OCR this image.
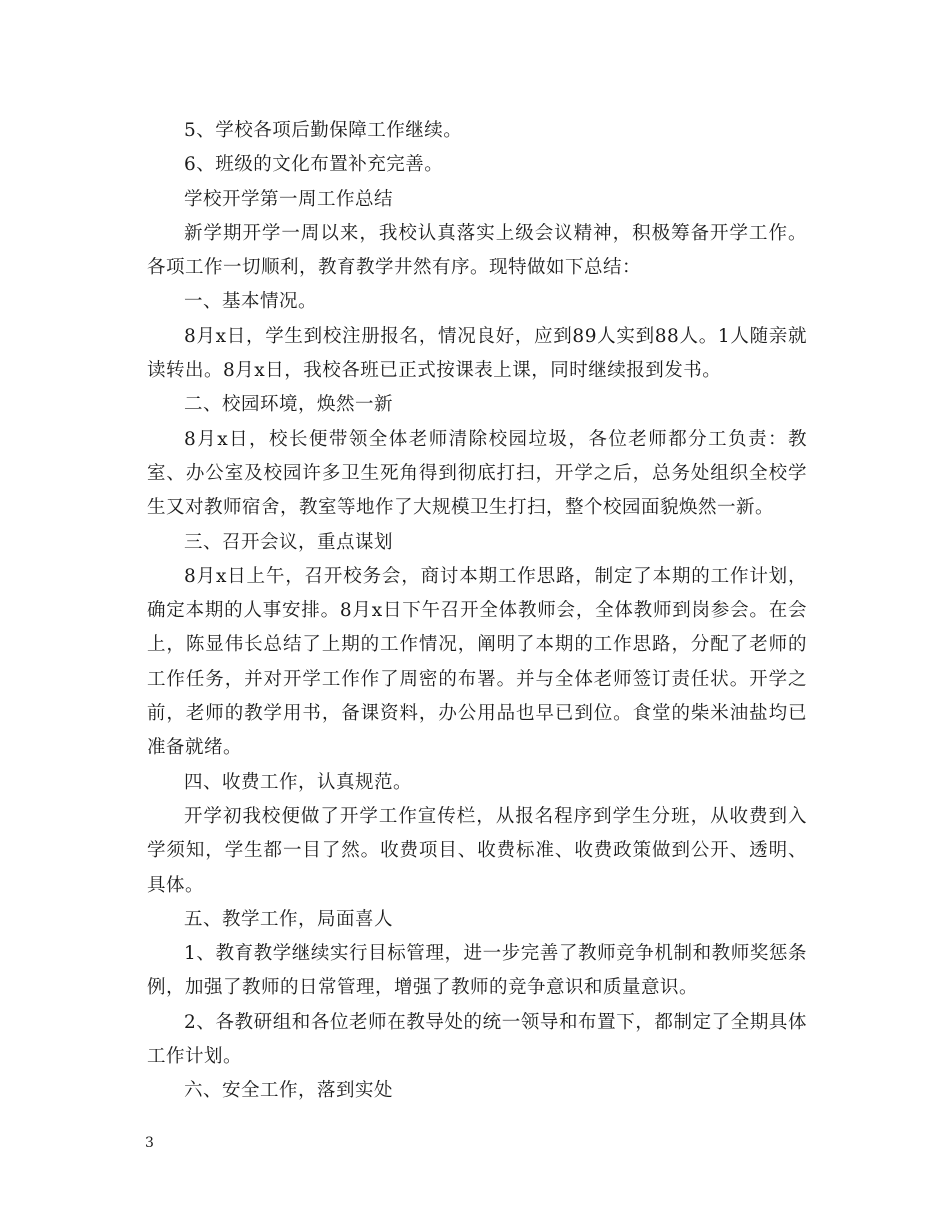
5、学校各项后勤保障工作继续。

6、班级的文化布置补充完善。

学校开学第一周工作总结

新学期开学一周以来，我校认真落实上级会议精神，积极筹备开学工作。各项工作一切顺利，教育教学井然有序。现特做如下总结：

一、基本情况。

8月x日，学生到校注册报名，情况良好，应到89人实到88人。1人随亲就读转出。8月x日，我校各班已正式按课表上课，同时继续报到发书。

二、校园环境，焕然一新

8月x日，校长便带领全体老师清除校园垃圾，各位老师都分工负责：教室、办公室及校园许多卫生死角得到彻底打扫，开学之后，总务处组织全校学生又对教师宿舍，教室等地作了大规模卫生打扫，整个校园面貌焕然一新。

三、召开会议，重点谋划

8月x日上午，召开校务会，商讨本期工作思路，制定了本期的工作计划，确定本期的人事安排。8月x日下午召开全体教师会，全体教师到岗参会。在会上，陈显伟长总结了上期的工作情况，阐明了本期的工作思路，分配了老师的工作任务，并对开学工作作了周密的布署。并与全体老师签订责任状。开学之前，老师的教学用书，备课资料，办公用品也早已到位。食堂的柴米油盐均已准备就绪。

四、收费工作，认真规范。

开学初我校便做了开学工作宣传栏，从报名程序到学生分班，从收费到入学须知，学生都一目了然。收费项目、收费标准、收费政策做到公开、透明、具体。

五、教学工作，局面喜人

1、教育教学继续实行目标管理，进一步完善了教师竞争机制和教师奖惩条例，加强了教师的日常管理，增强了教师的竞争意识和质量意识。

2、各教研组和各位老师在教导处的统一领导和布置下，都制定了全期具体工作计划。

六、安全工作，落到实处

3
